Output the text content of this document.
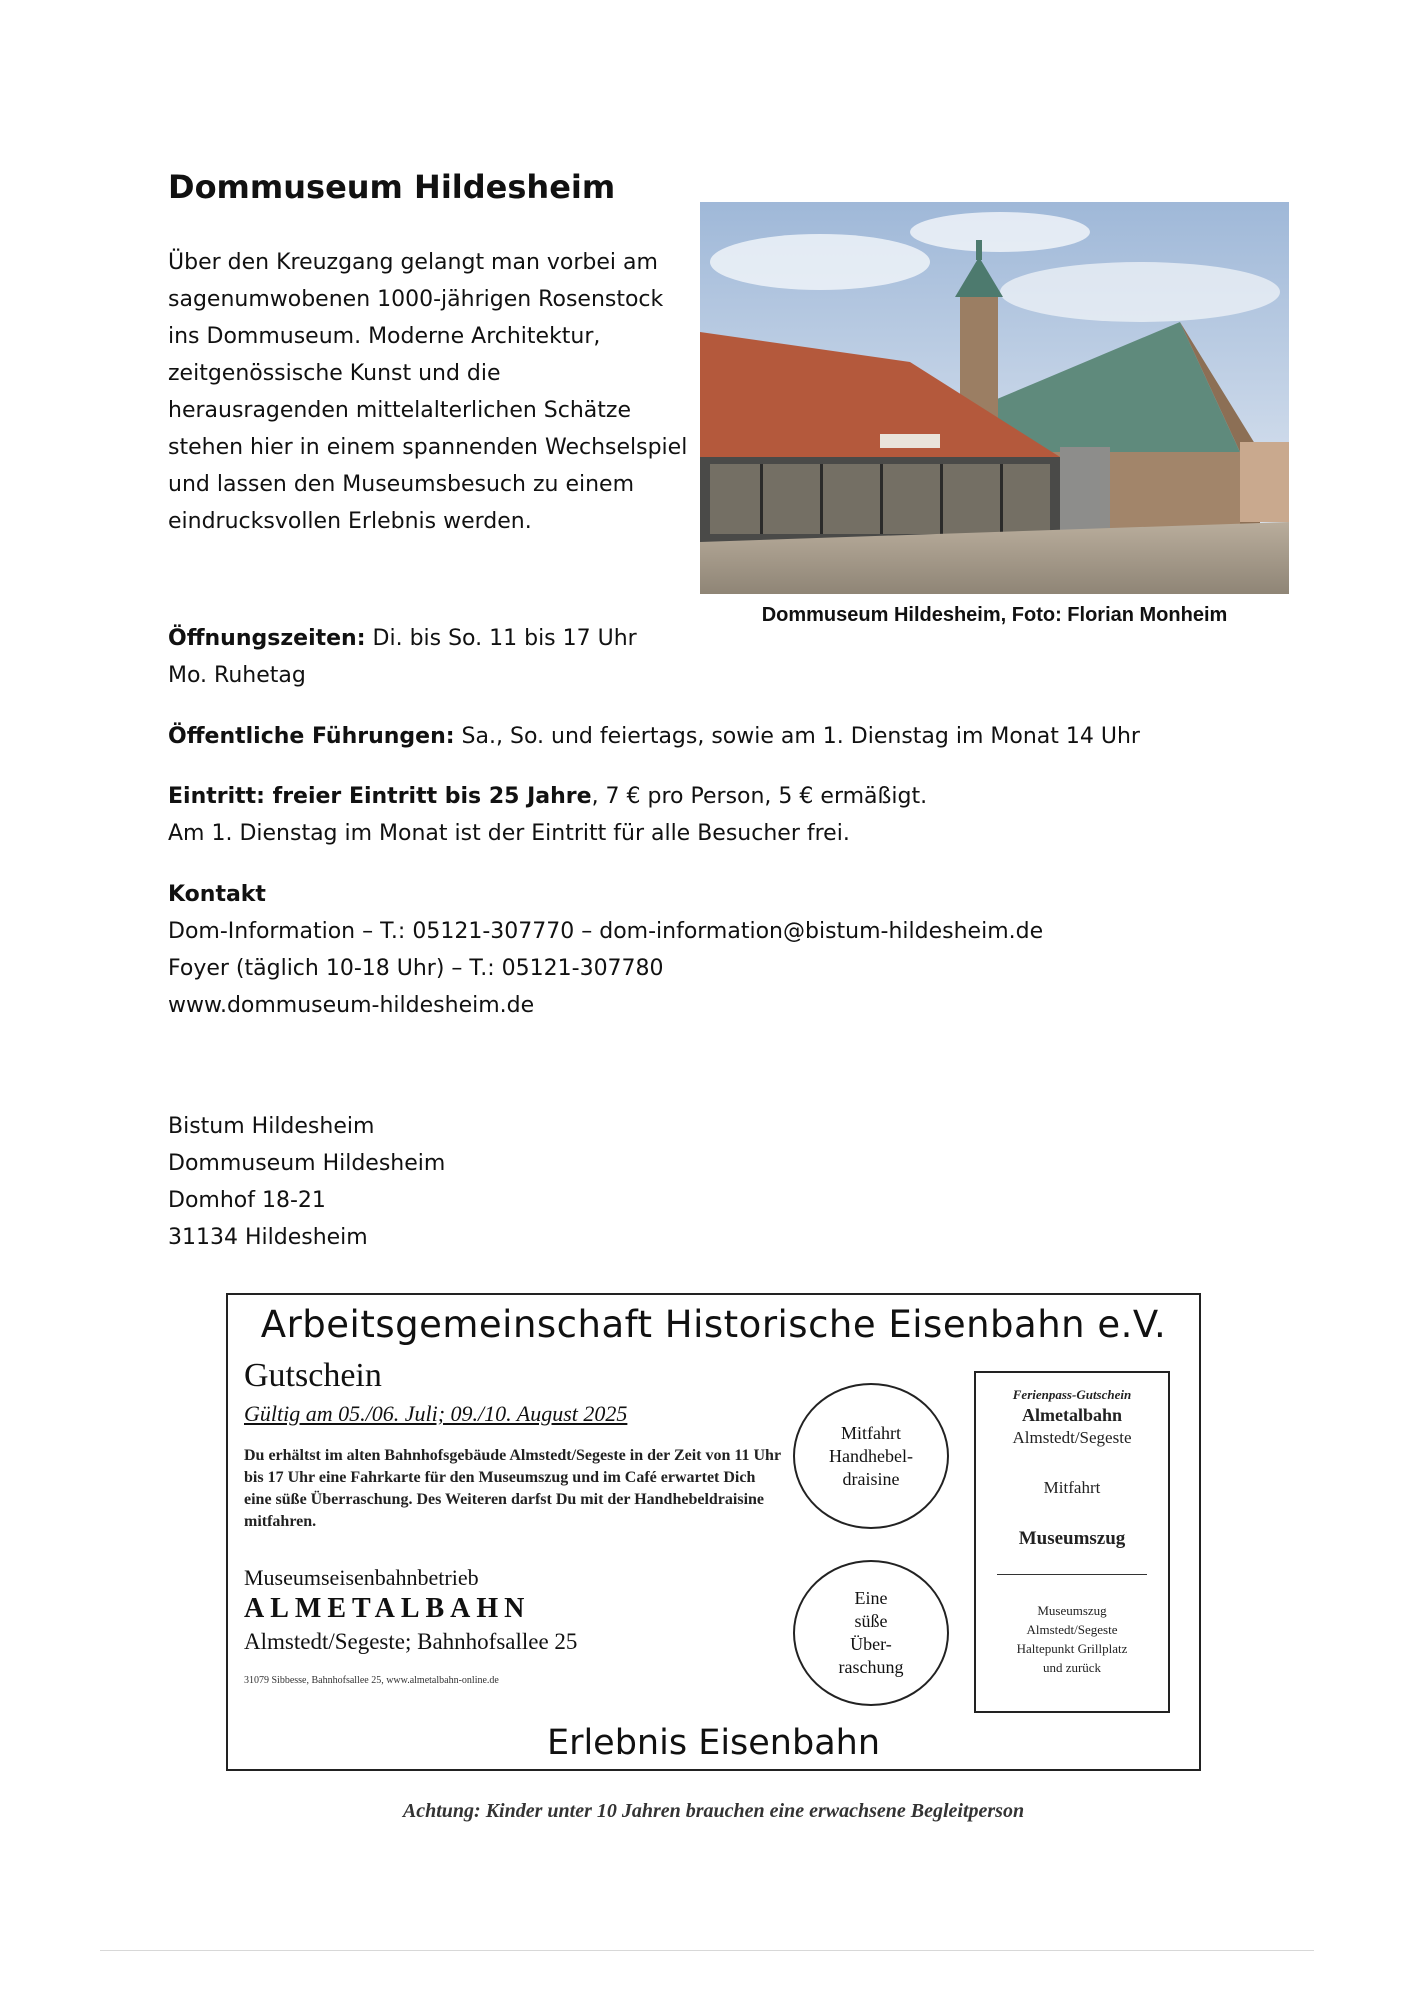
Dommuseum Hildesheim

Über den Kreuzgang gelangt man vorbei am sagenumwobenen 1000-jährigen Rosenstock ins Dommuseum. Moderne Architektur, zeitgenössische Kunst und die herausragenden mittelalterlichen Schätze stehen hier in einem spannenden Wechselspiel und lassen den Museumsbesuch zu einem eindrucksvollen Erlebnis werden.

Dommuseum Hildesheim, Foto: Florian Monheim
Öffnungszeiten: Di. bis So. 11 bis 17 Uhr
Mo. Ruhetag
Öffentliche Führungen: Sa., So. und feiertags, sowie am 1. Dienstag im Monat 14 Uhr
Eintritt: freier Eintritt bis 25 Jahre, 7 € pro Person, 5 € ermäßigt.
Am 1. Dienstag im Monat ist der Eintritt für alle Besucher frei.
Kontakt
Dom-Information – T.: 05121-307770 – dom-information@bistum-hildesheim.de
Foyer (täglich 10-18 Uhr) – T.: 05121-307780
www.dommuseum-hildesheim.de
Bistum Hildesheim
Dommuseum Hildesheim
Domhof 18-21
31134 Hildesheim
Arbeitsgemeinschaft Historische Eisenbahn e.V.
Gutschein
Gültig am 05./06. Juli; 09./10. August 2025
Du erhältst im alten Bahnhofsgebäude Almstedt/Segeste in der Zeit von 11 Uhr bis 17 Uhr eine Fahrkarte für den Museumszug und im Café erwartet Dich eine süße Überraschung. Des Weiteren darfst Du mit der Handhebeldraisine mitfahren.
Museumseisenbahnbetrieb
ALMETALBAHN
Almstedt/Segeste; Bahnhofsallee 25
31079 Sibbesse, Bahnhofsallee 25, www.almetalbahn-online.de
Mitfahrt
Handhebel-
draisine
Eine
süße
Über-
raschung
Ferienpass-Gutschein
Almetalbahn
Almstedt/Segeste
Mitfahrt
Museumszug
Museumszug
Almstedt/Segeste
Haltepunkt Grillplatz
und zurück
Erlebnis Eisenbahn
Achtung: Kinder unter 10 Jahren brauchen eine erwachsene Begleitperson
